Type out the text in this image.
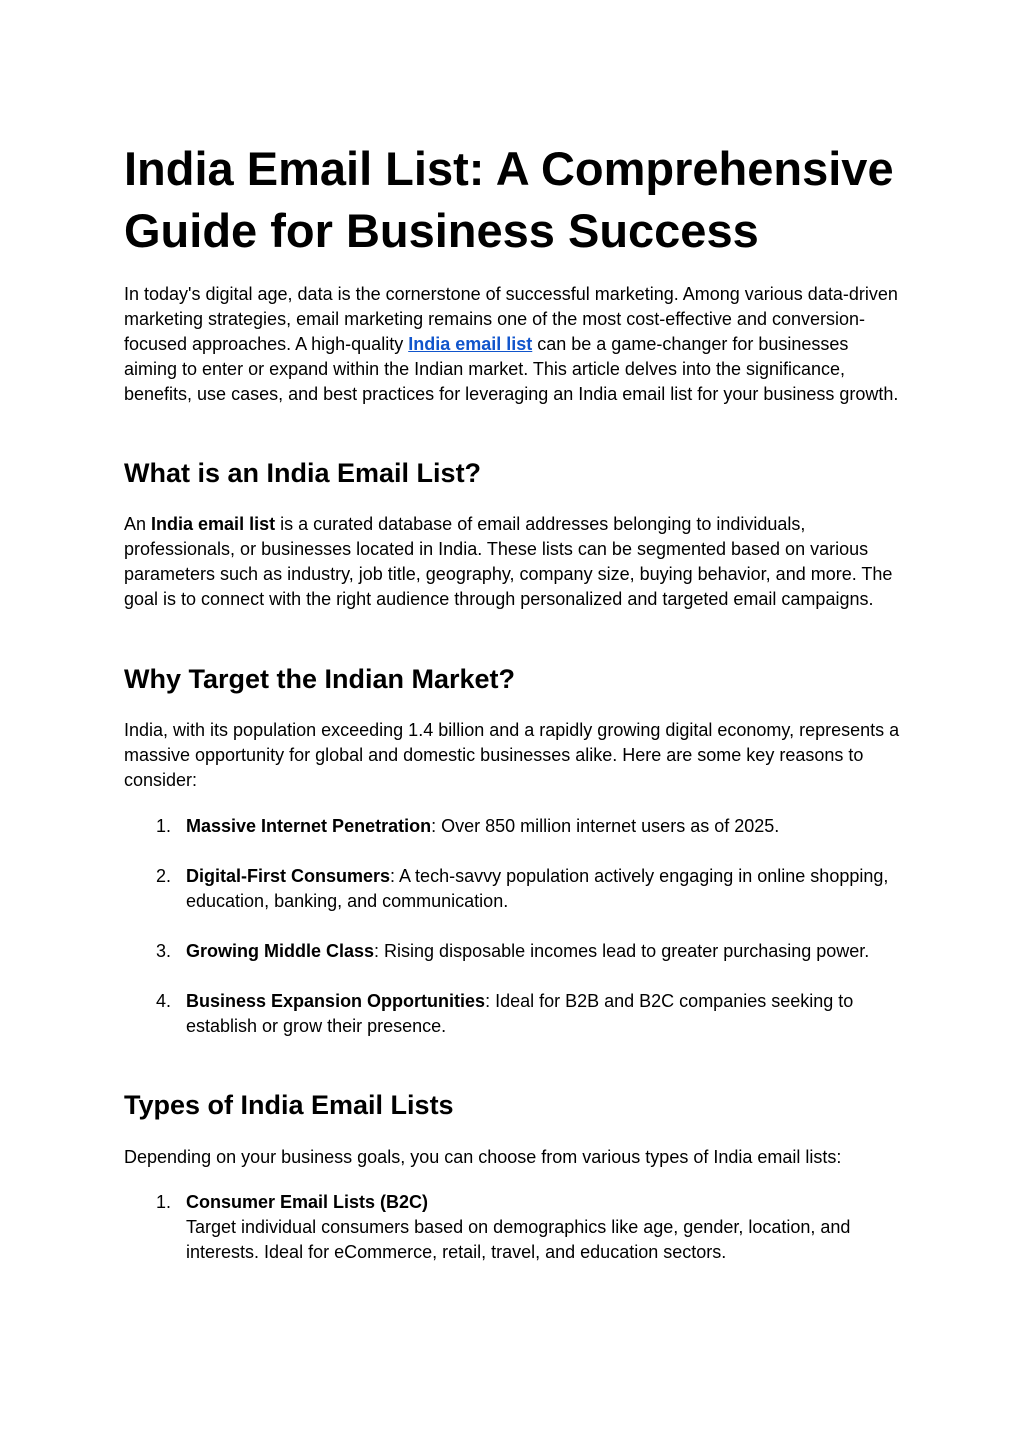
India Email List: A Comprehensive Guide for Business Success

In today's digital age, data is the cornerstone of successful marketing. Among various data-driven marketing strategies, email marketing remains one of the most cost-effective and conversion-focused approaches. A high-quality India email list can be a game-changer for businesses aiming to enter or expand within the Indian market. This article delves into the significance, benefits, use cases, and best practices for leveraging an India email list for your business growth.

What is an India Email List?

An India email list is a curated database of email addresses belonging to individuals, professionals, or businesses located in India. These lists can be segmented based on various parameters such as industry, job title, geography, company size, buying behavior, and more. The goal is to connect with the right audience through personalized and targeted email campaigns.

Why Target the Indian Market?

India, with its population exceeding 1.4 billion and a rapidly growing digital economy, represents a massive opportunity for global and domestic businesses alike. Here are some key reasons to consider:

1. Massive Internet Penetration: Over 850 million internet users as of 2025.
2. Digital-First Consumers: A tech-savvy population actively engaging in online shopping, education, banking, and communication.
3. Growing Middle Class: Rising disposable incomes lead to greater purchasing power.
4. Business Expansion Opportunities: Ideal for B2B and B2C companies seeking to establish or grow their presence.
Types of India Email Lists

Depending on your business goals, you can choose from various types of India email lists:

1. Consumer Email Lists (B2C)
Target individual consumers based on demographics like age, gender, location, and interests. Ideal for eCommerce, retail, travel, and education sectors.
